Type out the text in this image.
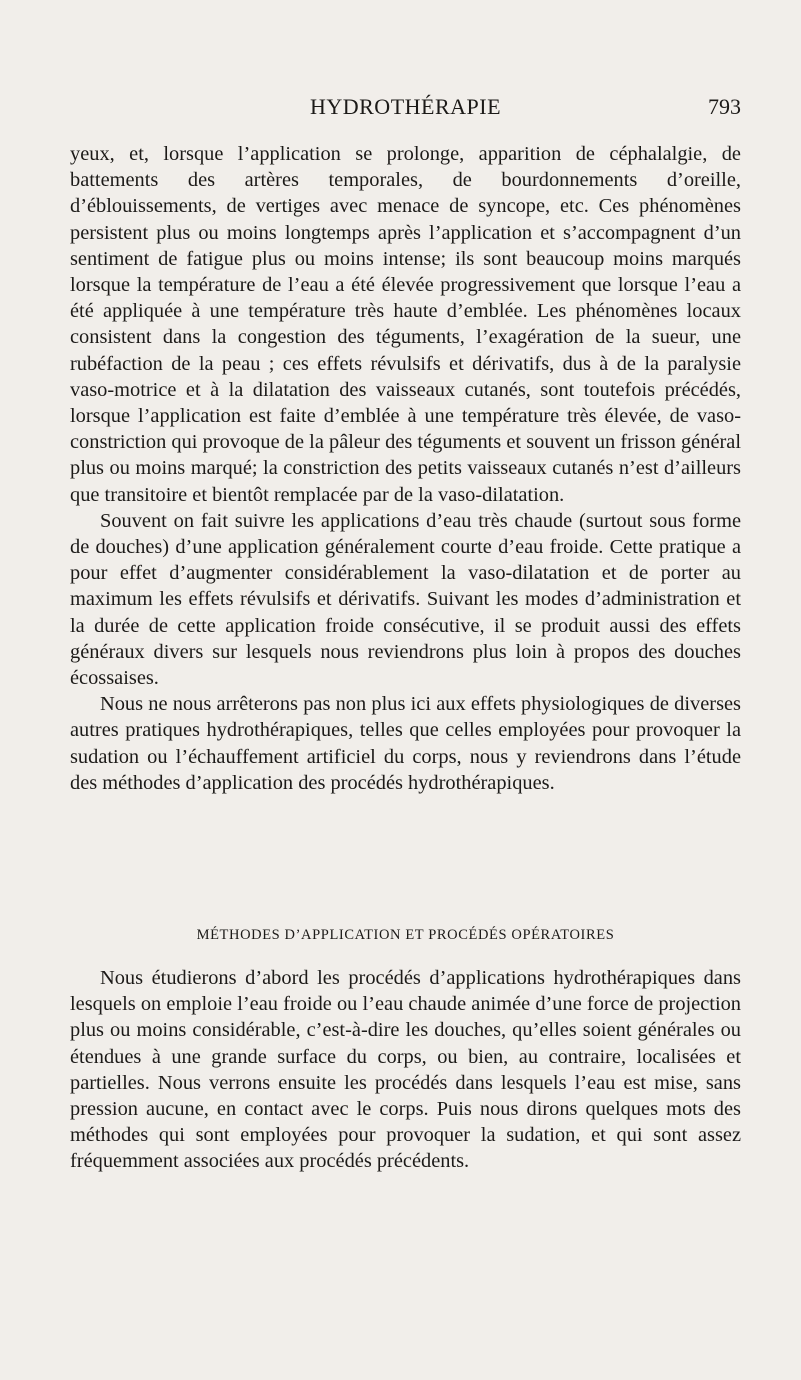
HYDROTHÉRAPIE	793

yeux, et, lorsque l’application se prolonge, apparition de céphalalgie, de battements des artères temporales, de bourdonnements d’oreille, d’éblouissements, de vertiges avec menace de syncope, etc. Ces phénomènes persistent plus ou moins longtemps après l’application et s’accompagnent d’un sentiment de fatigue plus ou moins intense; ils sont beaucoup moins marqués lorsque la température de l’eau a été élevée progressivement que lorsque l’eau a été appliquée à une température très haute d’emblée. Les phénomènes locaux consistent dans la congestion des téguments, l’exagération de la sueur, une rubéfaction de la peau ; ces effets révulsifs et dérivatifs, dus à de la paralysie vaso-motrice et à la dilatation des vaisseaux cutanés, sont toutefois précédés, lorsque l’application est faite d’emblée à une température très élevée, de vaso-constriction qui provoque de la pâleur des téguments et souvent un frisson général plus ou moins marqué; la constriction des petits vaisseaux cutanés n’est d’ailleurs que transitoire et bientôt remplacée par de la vaso-dilatation.

Souvent on fait suivre les applications d’eau très chaude (surtout sous forme de douches) d’une application généralement courte d’eau froide. Cette pratique a pour effet d’augmenter considérablement la vaso-dilatation et de porter au maximum les effets révulsifs et dérivatifs. Suivant les modes d’administration et la durée de cette application froide consécutive, il se produit aussi des effets généraux divers sur lesquels nous reviendrons plus loin à propos des douches écossaises.

Nous ne nous arrêterons pas non plus ici aux effets physiologiques de diverses autres pratiques hydrothérapiques, telles que celles employées pour provoquer la sudation ou l’échauffement artificiel du corps, nous y reviendrons dans l’étude des méthodes d’application des procédés hydrothérapiques.

MÉTHODES D’APPLICATION ET PROCÉDÉS OPÉRATOIRES

Nous étudierons d’abord les procédés d’applications hydrothérapiques dans lesquels on emploie l’eau froide ou l’eau chaude animée d’une force de projection plus ou moins considérable, c’est-à-dire les douches, qu’elles soient générales ou étendues à une grande surface du corps, ou bien, au contraire, localisées et partielles. Nous verrons ensuite les procédés dans lesquels l’eau est mise, sans pression aucune, en contact avec le corps. Puis nous dirons quelques mots des méthodes qui sont employées pour provoquer la sudation, et qui sont assez fréquemment associées aux procédés précédents.
